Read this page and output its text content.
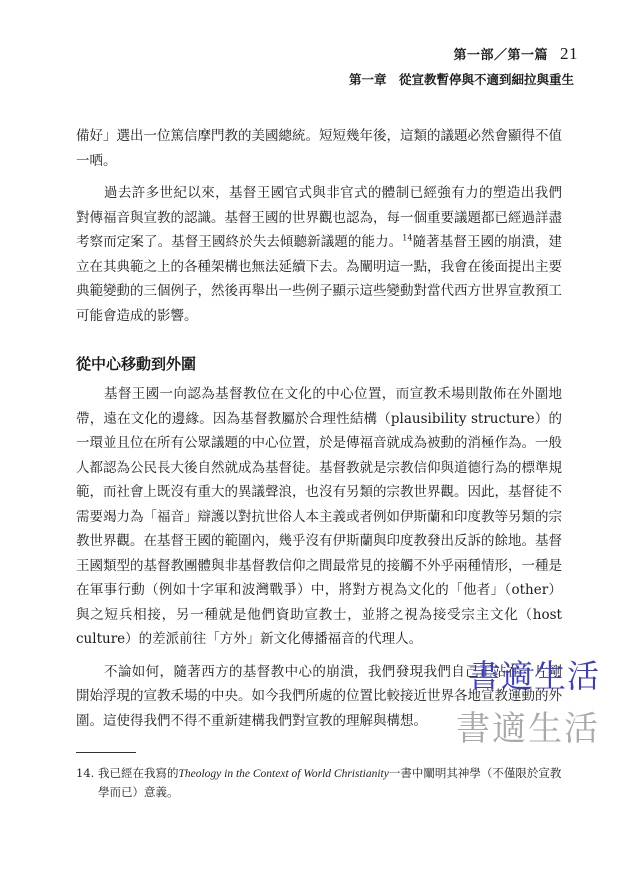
第一部／第一篇 21
第一章　從宣教暫停與不適到細拉與重生

備好」選出一位篤信摩門教的美國總統。短短幾年後，這類的議題必然會顯得不值一哂。

過去許多世紀以來，基督王國官式與非官式的體制已經強有力的塑造出我們對傳福音與宣教的認識。基督王國的世界觀也認為，每一個重要議題都已經過詳盡考察而定案了。基督王國終於失去傾聽新議題的能力。$^{14}$隨著基督王國的崩潰，建立在其典範之上的各種架構也無法延續下去。為闡明這一點，我會在後面提出主要典範變動的三個例子，然後再舉出一些例子顯示這些變動對當代西方世界宣教預工可能會造成的影響。

從中心移動到外圍

基督王國一向認為基督教位在文化的中心位置，而宣教禾場則散佈在外圍地帶，遠在文化的邊緣。因為基督教屬於合理性結構（plausibility structure）的一環並且位在所有公眾議題的中心位置，於是傳福音就成為被動的消極作為。一般人都認為公民長大後自然就成為基督徒。基督教就是宗教信仰與道德行為的標準規範，而社會上既沒有重大的異議聲浪，也沒有另類的宗教世界觀。因此，基督徒不需要竭力為「福音」辯護以對抗世俗人本主義或者例如伊斯蘭和印度教等另類的宗教世界觀。在基督王國的範圍內，幾乎沒有伊斯蘭與印度教發出反訴的餘地。基督王國類型的基督教團體與非基督教信仰之間最常見的接觸不外乎兩種情形，一種是在軍事行動（例如十字軍和波灣戰爭）中，將對方視為文化的「他者」（other）與之短兵相接，另一種就是他們資助宣教士，並將之視為接受宗主文化（host culture）的差派前往「方外」新文化傳播福音的代理人。

不論如何，隨著西方的基督教中心的崩潰，我們發現我們自己正站在一片剛開始浮現的宣教禾場的中央。如今我們所處的位置比較接近世界各地宣教運動的外圍。這使得我們不得不重新建構我們對宣教的理解與構想。

書適生活
書適生活
14. 我已經在我寫的Theology in the Context of World Christianity一書中闡明其神學（不僅限於宣教學而已）意義。
